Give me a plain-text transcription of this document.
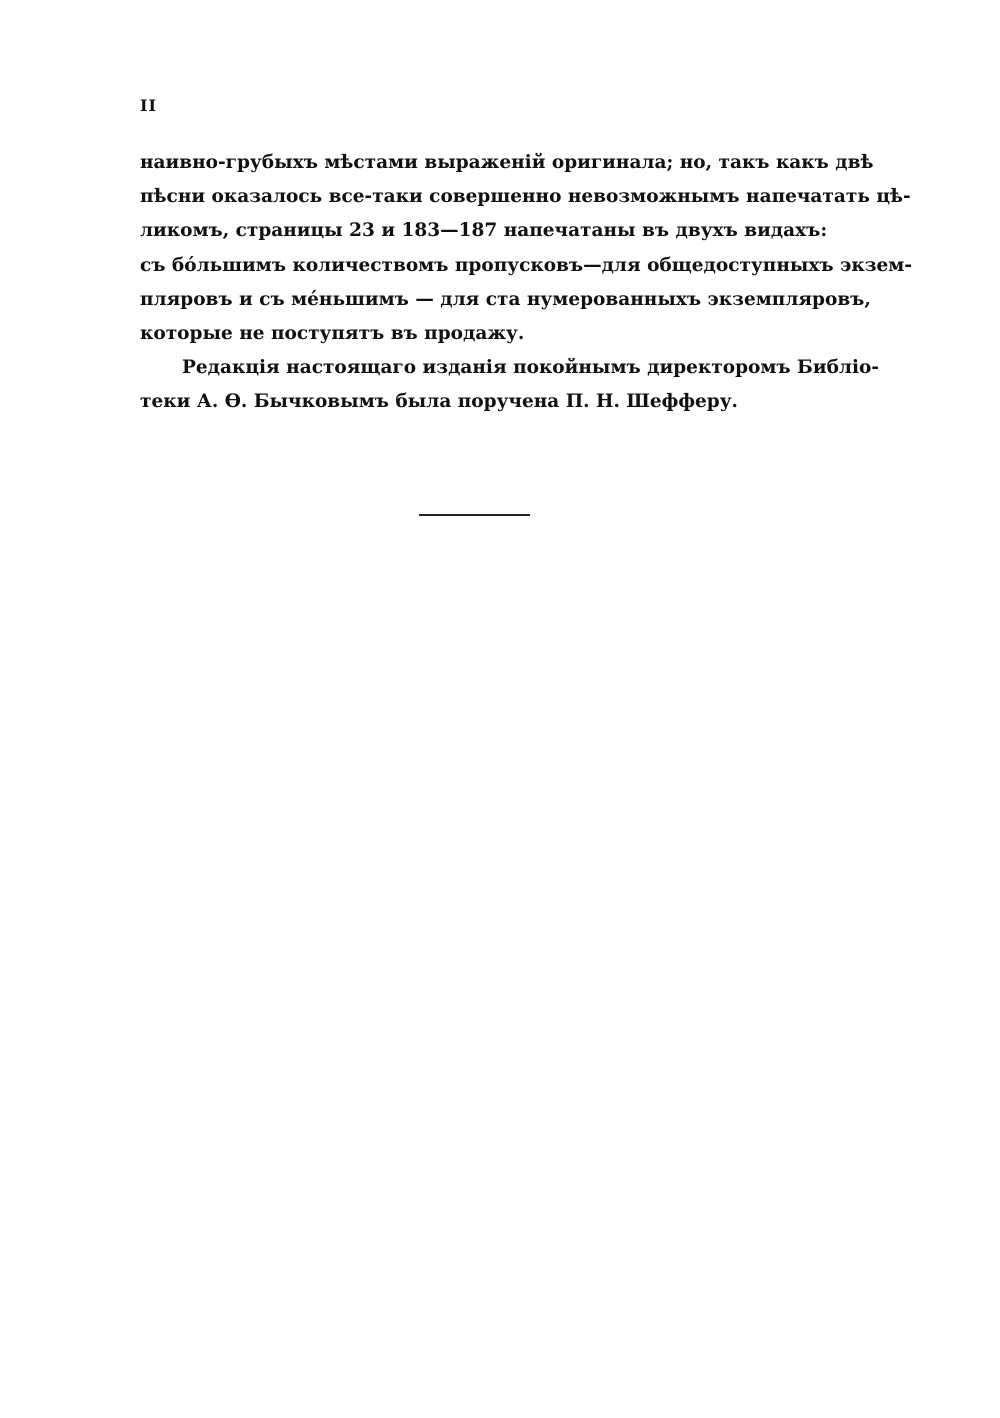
II
наивно-грубыхъ мѣстами выраженій оригинала; но, такъ какъ двѣ
пѣсни оказалось все-таки совершенно невозможнымъ напечатать цѣ-
ликомъ, страницы 23 и 183—187 напечатаны въ двухъ видахъ:
съ бо́льшимъ количествомъ пропусковъ—для общедоступныхъ экзем-
пляровъ и съ мéньшимъ — для ста нумерованныхъ экземпляровъ,
которые не поступятъ въ продажу.
Редакція настоящаго изданія покойнымъ директоромъ Библіо-
теки А. Ѳ. Бычковымъ была поручена П. Н. Шефферу.
